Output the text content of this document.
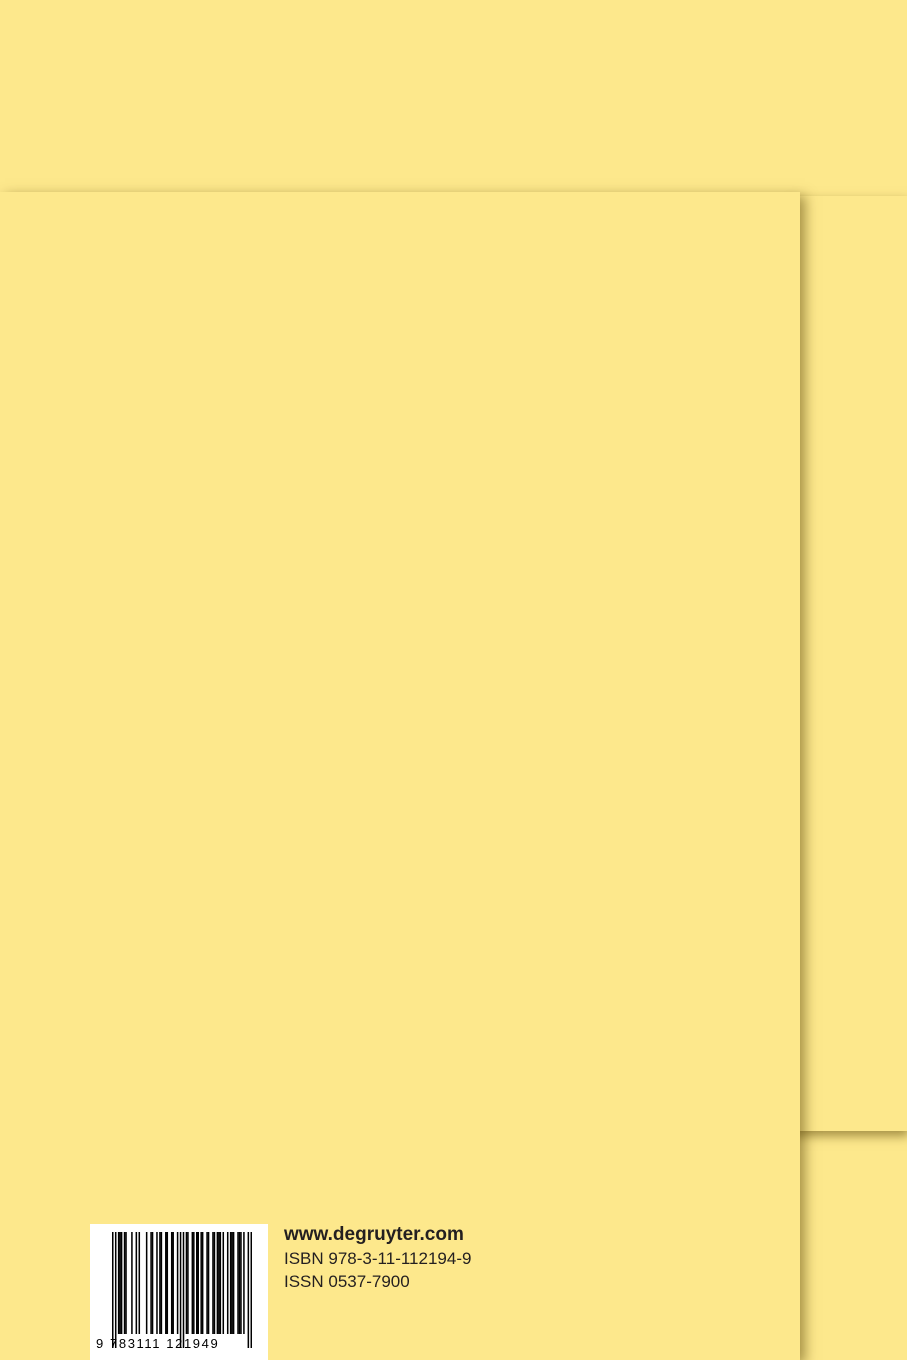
9 783111 121949
www.degruyter.com
ISBN 978-3-11-112194-9
ISSN 0537-7900
